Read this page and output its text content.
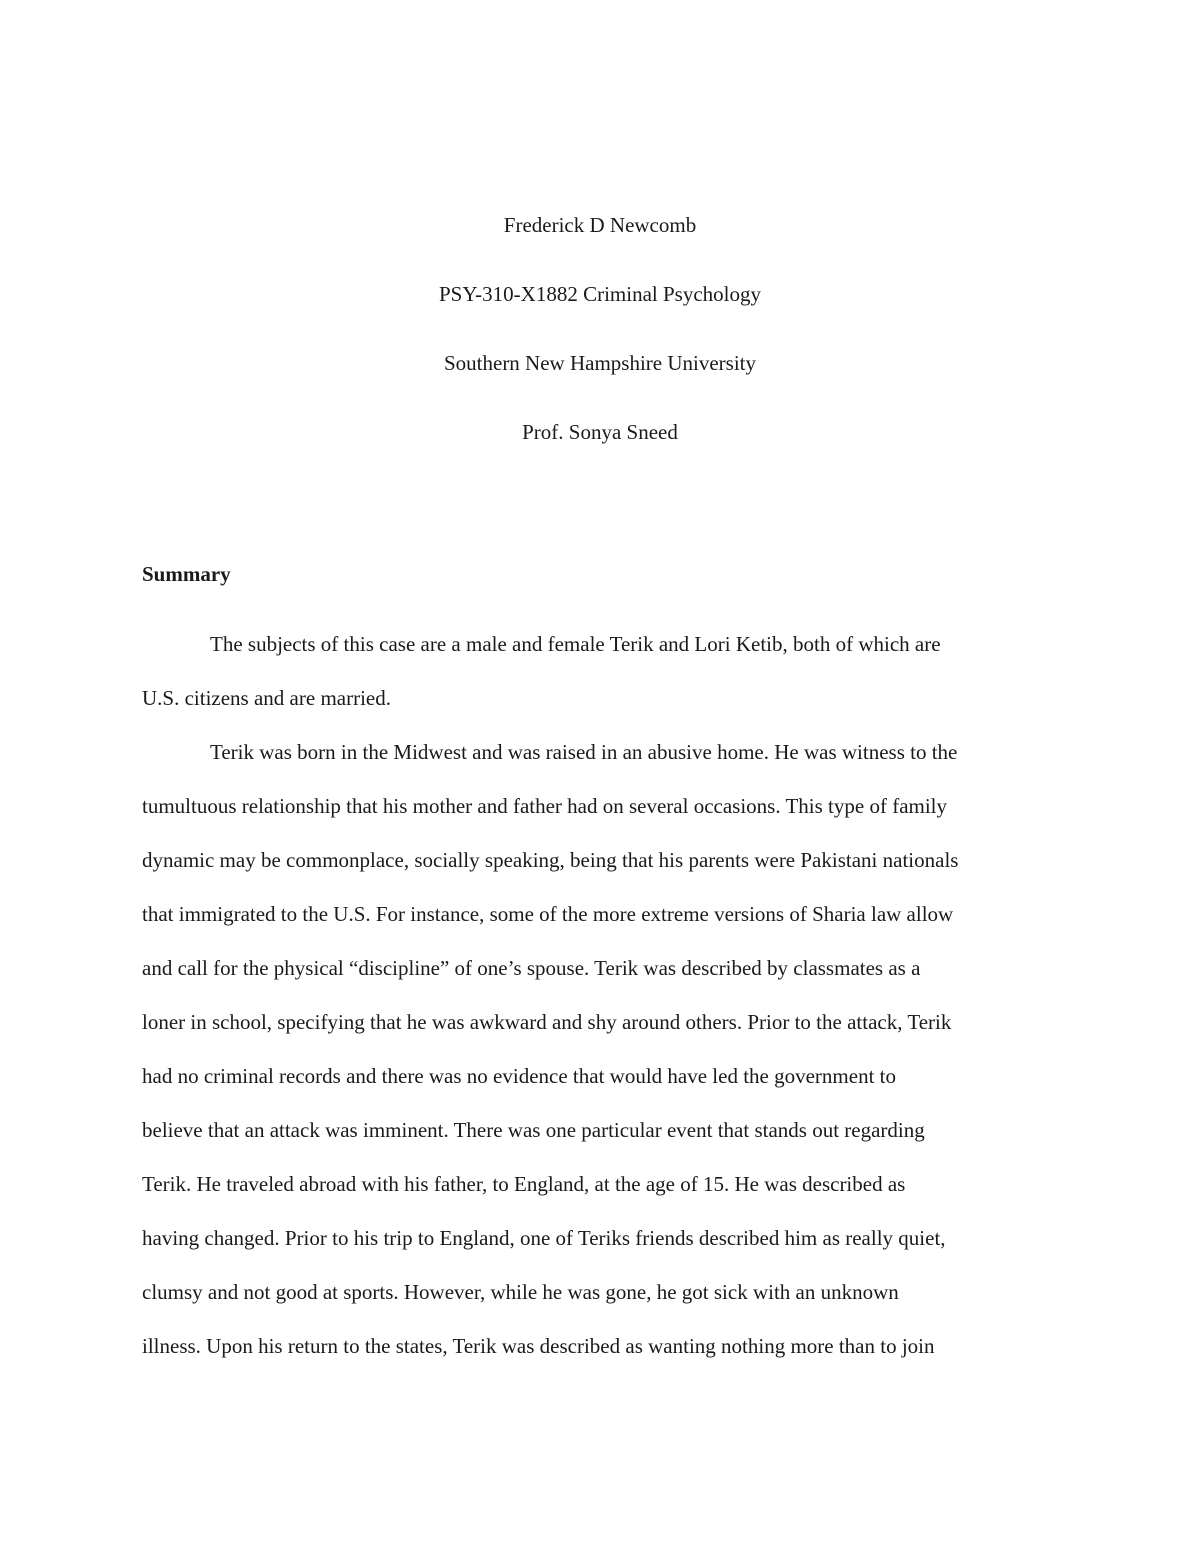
Frederick D Newcomb
PSY-310-X1882 Criminal Psychology
Southern New Hampshire University
Prof. Sonya Sneed
Summary
The subjects of this case are a male and female Terik and Lori Ketib, both of which are
U.S. citizens and are married.
Terik was born in the Midwest and was raised in an abusive home. He was witness to the
tumultuous relationship that his mother and father had on several occasions. This type of family
dynamic may be commonplace, socially speaking, being that his parents were Pakistani nationals
that immigrated to the U.S. For instance, some of the more extreme versions of Sharia law allow
and call for the physical “discipline” of one’s spouse. Terik was described by classmates as a
loner in school, specifying that he was awkward and shy around others. Prior to the attack, Terik
had no criminal records and there was no evidence that would have led the government to
believe that an attack was imminent. There was one particular event that stands out regarding
Terik. He traveled abroad with his father, to England, at the age of 15. He was described as
having changed. Prior to his trip to England, one of Teriks friends described him as really quiet,
clumsy and not good at sports. However, while he was gone, he got sick with an unknown
illness. Upon his return to the states, Terik was described as wanting nothing more than to join
